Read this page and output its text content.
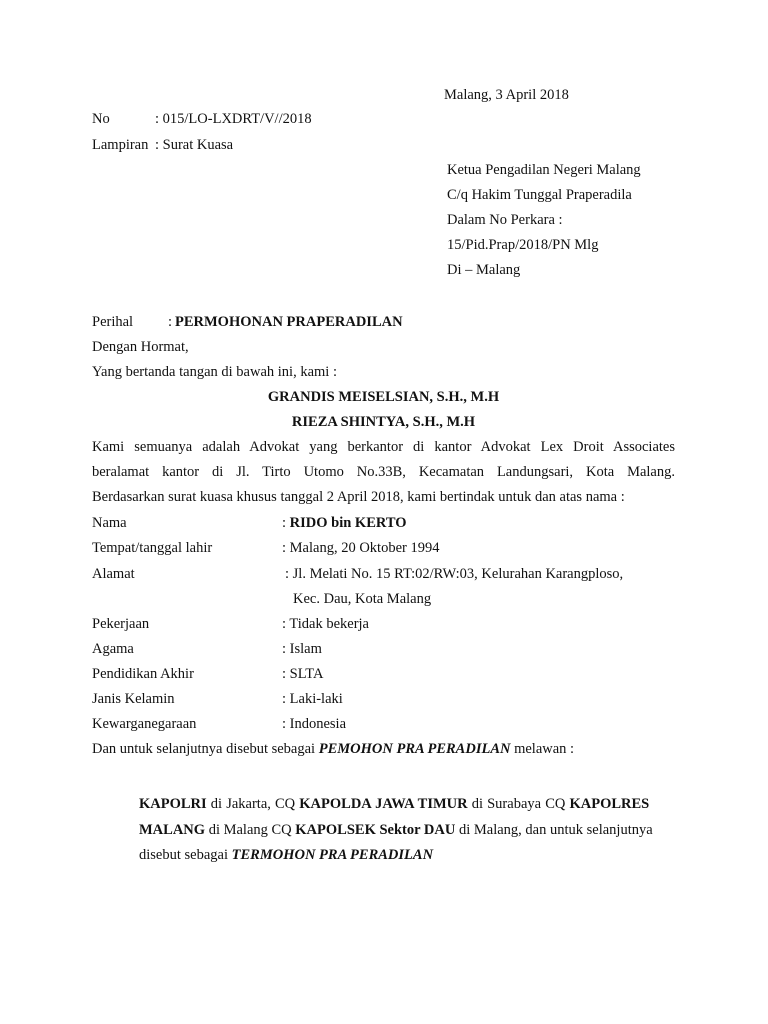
Malang, 3 April 2018
No	: 015/LO-LXDRT/V//2018
Lampiran : Surat Kuasa
Ketua Pengadilan Negeri Malang
C/q Hakim Tunggal Praperadila
Dalam No Perkara :
15/Pid.Prap/2018/PN Mlg
Di – Malang
Perihal : PERMOHONAN PRAPERADILAN
Dengan Hormat,
Yang bertanda tangan di bawah ini, kami :
GRANDIS MEISELSIAN, S.H., M.H
RIEZA SHINTYA, S.H., M.H
Kami semuanya adalah Advokat yang berkantor di kantor Advokat Lex Droit Associates
beralamat kantor di Jl. Tirto Utomo No.33B, Kecamatan Landungsari, Kota Malang.
Berdasarkan surat kuasa khusus tanggal 2 April 2018, kami bertindak untuk dan atas nama :
Nama	: RIDO bin KERTO
Tempat/tanggal lahir	: Malang, 20 Oktober 1994
Alamat	: Jl. Melati No. 15 RT:02/RW:03, Kelurahan Karangploso,
Kec. Dau, Kota Malang
Pekerjaan	: Tidak bekerja
Agama	: Islam
Pendidikan Akhir	: SLTA
Janis Kelamin	: Laki-laki
Kewarganegaraan	: Indonesia
Dan untuk selanjutnya disebut sebagai PEMOHON PRA PERADILAN melawan :
KAPOLRI di Jakarta, CQ KAPOLDA JAWA TIMUR di Surabaya CQ KAPOLRES
MALANG di Malang CQ KAPOLSEK Sektor DAU di Malang, dan untuk selanjutnya
disebut sebagai TERMOHON PRA PERADILAN
